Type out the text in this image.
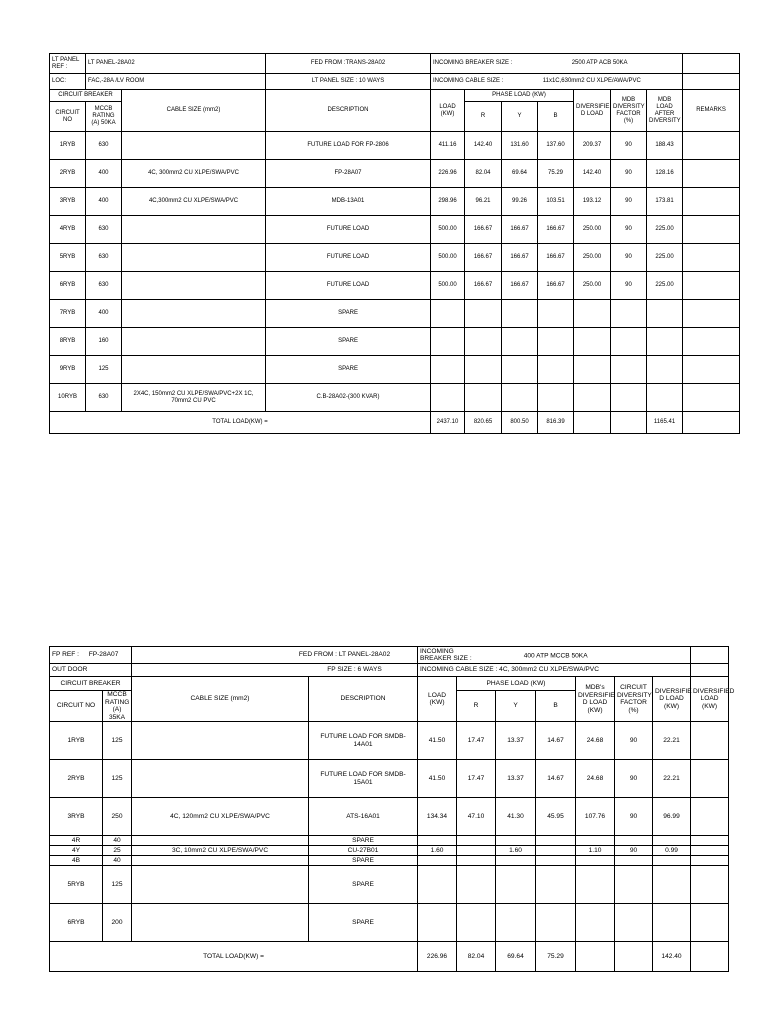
LT PANEL REF :	LT PANEL-28A02		FED FROM :TRANS-28A02	INCOMING BREAKER SIZE : 2500 ATP ACB 50KA							
LOC:	FAC,-28A /LV ROOM		LT PANEL SIZE : 10 WAYS	INCOMING CABLE SIZE : 11x1C,630mm2 CU XLPE/AWA/PVC							
CIRCUIT BREAKER		CABLE SIZE (mm2)	DESCRIPTION	LOAD (KW)	PHASE LOAD (KW)			DIVERSIFIE D LOAD	MDB DIVERSITY FACTOR (%)	MDB LOAD AFTER DIVERSITY	REMARKS
CIRCUIT NO	MCCB RATING (A) 50KA				R	Y	B				
1RYB	630		FUTURE LOAD FOR FP-2806	411.16	142.40	131.60	137.60	209.37	90	188.43	
2RYB	400	4C, 300mm2 CU XLPE/SWA/PVC	FP-28A07	226.96	82.04	69.64	75.29	142.40	90	128.16	
3RYB	400	4C,300mm2 CU XLPE/SWA/PVC	MDB-13A01	298.96	96.21	99.26	103.51	193.12	90	173.81	
4RYB	630		FUTURE LOAD	500.00	166.67	166.67	166.67	250.00	90	225.00	
5RYB	630		FUTURE LOAD	500.00	166.67	166.67	166.67	250.00	90	225.00	
6RYB	630		FUTURE LOAD	500.00	166.67	166.67	166.67	250.00	90	225.00	
7RYB	400		SPARE								
8RYB	160		SPARE								
9RYB	125		SPARE								
10RYB	630	2X4C, 150mm2 CU XLPE/SWA/PVC+2X 1C, 70mm2 CU PVC	C.B-28A02-(300 KVAR)								
TOTAL LOAD(KW) =				2437.10	820.65	800.50	816.39			1165.41	
FP REF : FP-28A07		FED FROM : LT PANEL-28A02		INCOMING BREAKER SIZE : 400 ATP MCCB 50KA							
OUT DOOR		FP SIZE : 6 WAYS		INCOMING CABLE SIZE : 4C, 300mm2 CU XLPE/SWA/PVC							
CIRCUIT BREAKER		CABLE SIZE (mm2)	DESCRIPTION	LOAD (KW)	PHASE LOAD (KW)			MDB's DIVERSIFIE D LOAD (KW)	CIRCUIT DIVERSITY FACTOR (%)	DIVERSIFIE D LOAD (KW)	DIVERSIFIED LOAD (KW)
CIRCUIT NO	MCCB RATING (A) 35KA				R	Y	B				
1RYB	125		FUTURE LOAD FOR SMDB-14A01	41.50	17.47	13.37	14.67	24.68	90	22.21	
2RYB	125		FUTURE LOAD FOR SMDB-15A01	41.50	17.47	13.37	14.67	24.68	90	22.21	
3RYB	250	4C, 120mm2 CU XLPE/SWA/PVC	ATS-16A01	134.34	47.10	41.30	45.95	107.76	90	96.99	
4R	40		SPARE								
4Y	25	3C, 10mm2 CU XLPE/SWA/PVC	CU-27B01	1.60		1.60		1.10	90	0.99	
4B	40		SPARE								
5RYB	125		SPARE								
6RYB	200		SPARE								
TOTAL LOAD(KW) =				226.96	82.04	69.64	75.29			142.40	
